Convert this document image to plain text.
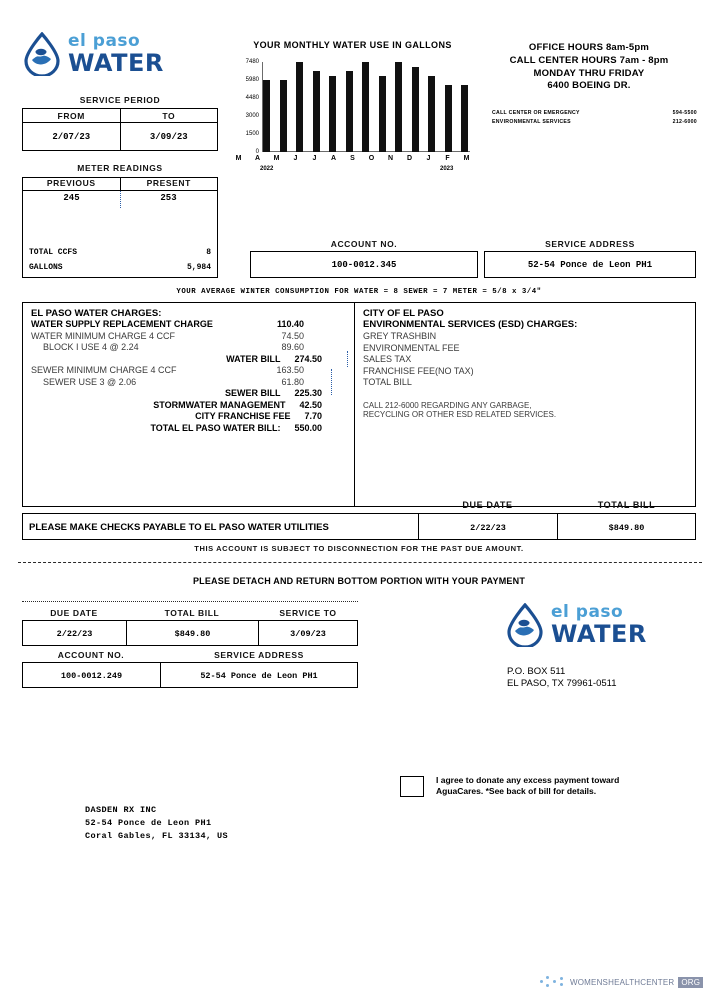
el paso
WATER
SERVICE PERIOD
FROM	TO
2/07/23	3/09/23
METER READINGS
PREVIOUS	PRESENT
245	253
TOTAL CCFS	8
GALLONS	5,984
YOUR MONTHLY WATER USE IN GALLONS
7480
5980
4480
3000
1500
0
M A M J J A S O N D J F M
2022	2023
OFFICE HOURS 8am-5pm
CALL CENTER HOURS 7am - 8pm
MONDAY THRU FRIDAY
6400 BOEING DR.
CALL CENTER OR EMERGENCY	594-5500
ENVIRONMENTAL SERVICES	212-6000
ACCOUNT NO.	SERVICE ADDRESS
100-0012.345	52-54 Ponce de Leon PH1
YOUR AVERAGE WINTER CONSUMPTION FOR WATER = 8 SEWER = 7 METER = 5/8 x 3/4"
EL PASO WATER CHARGES:
WATER SUPPLY REPLACEMENT CHARGE	110.40
WATER MINIMUM CHARGE 4 CCF	74.50
BLOCK I USE 4 @ 2.24	89.60
WATER BILL 274.50
SEWER MINIMUM CHARGE 4 CCF	163.50
SEWER USE 3 @ 2.06	61.80
SEWER BILL 225.30
STORMWATER MANAGEMENT 42.50
CITY FRANCHISE FEE 7.70
TOTAL EL PASO WATER BILL: 550.00
CITY OF EL PASO
ENVIRONMENTAL SERVICES (ESD) CHARGES:
GREY TRASHBIN
ENVIRONMENTAL FEE
SALES TAX
FRANCHISE FEE(NO TAX)
TOTAL BILL
CALL 212-6000 REGARDING ANY GARBAGE,
RECYCLING OR OTHER ESD RELATED SERVICES.
DUE DATE	TOTAL BILL
PLEASE MAKE CHECKS PAYABLE TO EL PASO WATER UTILITIES	2/22/23	$849.80
THIS ACCOUNT IS SUBJECT TO DISCONNECTION FOR THE PAST DUE AMOUNT.
PLEASE DETACH AND RETURN BOTTOM PORTION WITH YOUR PAYMENT
DUE DATE	TOTAL BILL	SERVICE TO
2/22/23	$849.80	3/09/23
ACCOUNT NO.	SERVICE ADDRESS
100-0012.249	52-54 Ponce de Leon PH1
el paso
WATER
P.O. BOX 511
EL PASO, TX 79961-0511
I agree to donate any excess payment toward
AguaCares. *See back of bill for details.
DASDEN RX INC
52-54 Ponce de Leon PH1
Coral Gables, FL 33134, US
WOMENSHEALTHCENTER ORG
